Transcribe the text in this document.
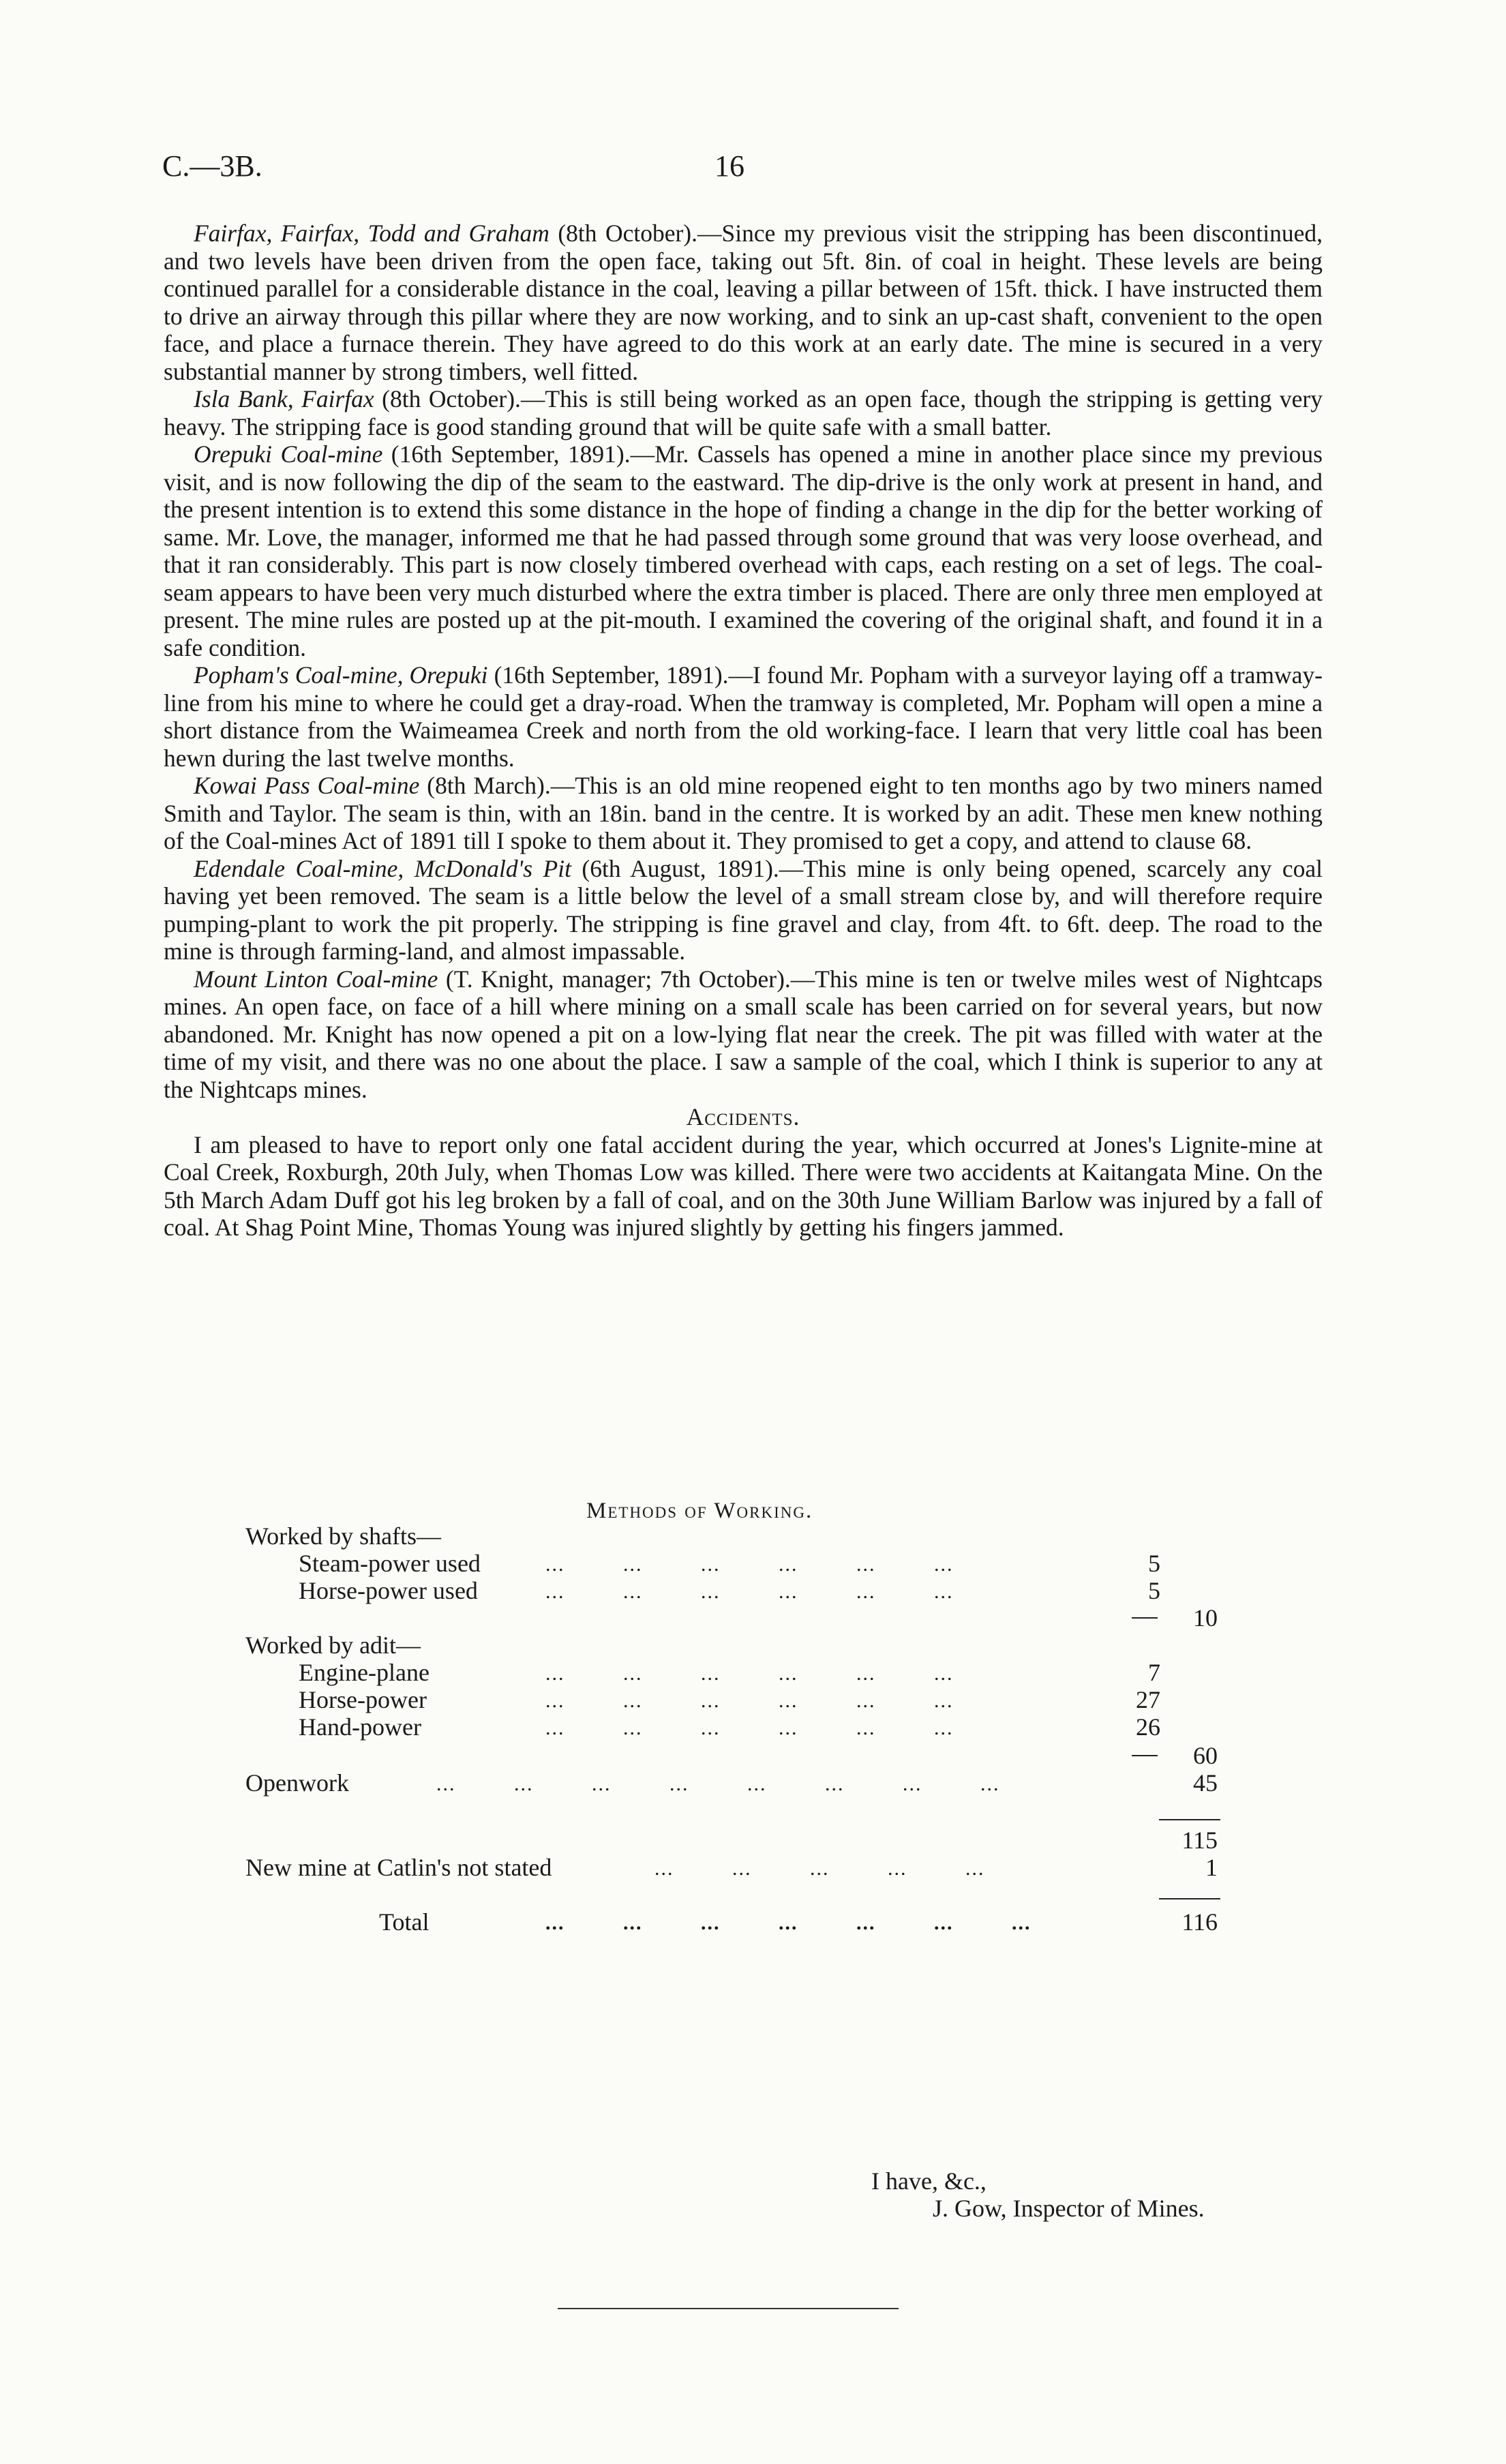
C.—3B.	16

Fairfax, Fairfax, Todd and Graham (8th October).—Since my previous visit the stripping has been discontinued, and two levels have been driven from the open face, taking out 5ft. 8in. of coal in height. These levels are being continued parallel for a considerable distance in the coal, leaving a pillar between of 15ft. thick. I have instructed them to drive an airway through this pillar where they are now working, and to sink an up-cast shaft, convenient to the open face, and place a furnace therein. They have agreed to do this work at an early date. The mine is secured in a very substantial manner by strong timbers, well fitted.

Isla Bank, Fairfax (8th October).—This is still being worked as an open face, though the stripping is getting very heavy. The stripping face is good standing ground that will be quite safe with a small batter.

Orepuki Coal-mine (16th September, 1891).—Mr. Cassels has opened a mine in another place since my previous visit, and is now following the dip of the seam to the eastward. The dip-drive is the only work at present in hand, and the present intention is to extend this some distance in the hope of finding a change in the dip for the better working of same. Mr. Love, the manager, informed me that he had passed through some ground that was very loose overhead, and that it ran considerably. This part is now closely timbered overhead with caps, each resting on a set of legs. The coal-seam appears to have been very much disturbed where the extra timber is placed. There are only three men employed at present. The mine rules are posted up at the pit-mouth. I examined the covering of the original shaft, and found it in a safe condition.

Popham's Coal-mine, Orepuki (16th September, 1891).—I found Mr. Popham with a surveyor laying off a tramway-line from his mine to where he could get a dray-road. When the tramway is completed, Mr. Popham will open a mine a short distance from the Waimeamea Creek and north from the old working-face. I learn that very little coal has been hewn during the last twelve months.

Kowai Pass Coal-mine (8th March).—This is an old mine reopened eight to ten months ago by two miners named Smith and Taylor. The seam is thin, with an 18in. band in the centre. It is worked by an adit. These men knew nothing of the Coal-mines Act of 1891 till I spoke to them about it. They promised to get a copy, and attend to clause 68.

Edendale Coal-mine, McDonald's Pit (6th August, 1891).—This mine is only being opened, scarcely any coal having yet been removed. The seam is a little below the level of a small stream close by, and will therefore require pumping-plant to work the pit properly. The stripping is fine gravel and clay, from 4ft. to 6ft. deep. The road to the mine is through farming-land, and almost impassable.

Mount Linton Coal-mine (T. Knight, manager; 7th October).—This mine is ten or twelve miles west of Nightcaps mines. An open face, on face of a hill where mining on a small scale has been carried on for several years, but now abandoned. Mr. Knight has now opened a pit on a low-lying flat near the creek. The pit was filled with water at the time of my visit, and there was no one about the place. I saw a sample of the coal, which I think is superior to any at the Nightcaps mines.

Accidents.

I am pleased to have to report only one fatal accident during the year, which occurred at Jones's Lignite-mine at Coal Creek, Roxburgh, 20th July, when Thomas Low was killed. There were two accidents at Kaitangata Mine. On the 5th March Adam Duff got his leg broken by a fall of coal, and on the 30th June William Barlow was injured by a fall of coal. At Shag Point Mine, Thomas Young was injured slightly by getting his fingers jammed.

Methods of Working.
Worked by shafts—
Steam-power used	...         ...         ...         ...         ...         ...	5
Horse-power used	...         ...         ...         ...         ...         ...	5
10
Worked by adit—
Engine-plane	...         ...         ...         ...         ...         ...	7
Horse-power	...         ...         ...         ...         ...         ...	27
Hand-power	...         ...         ...         ...         ...         ...	26
60
Openwork	...         ...         ...         ...         ...         ...         ...         ...	45
115
New mine at Catlin's not stated	...         ...         ...         ...         ...	1
Total	...         ...         ...         ...         ...         ...         ...	116
I have, &c.,
J. Gow, Inspector of Mines.
